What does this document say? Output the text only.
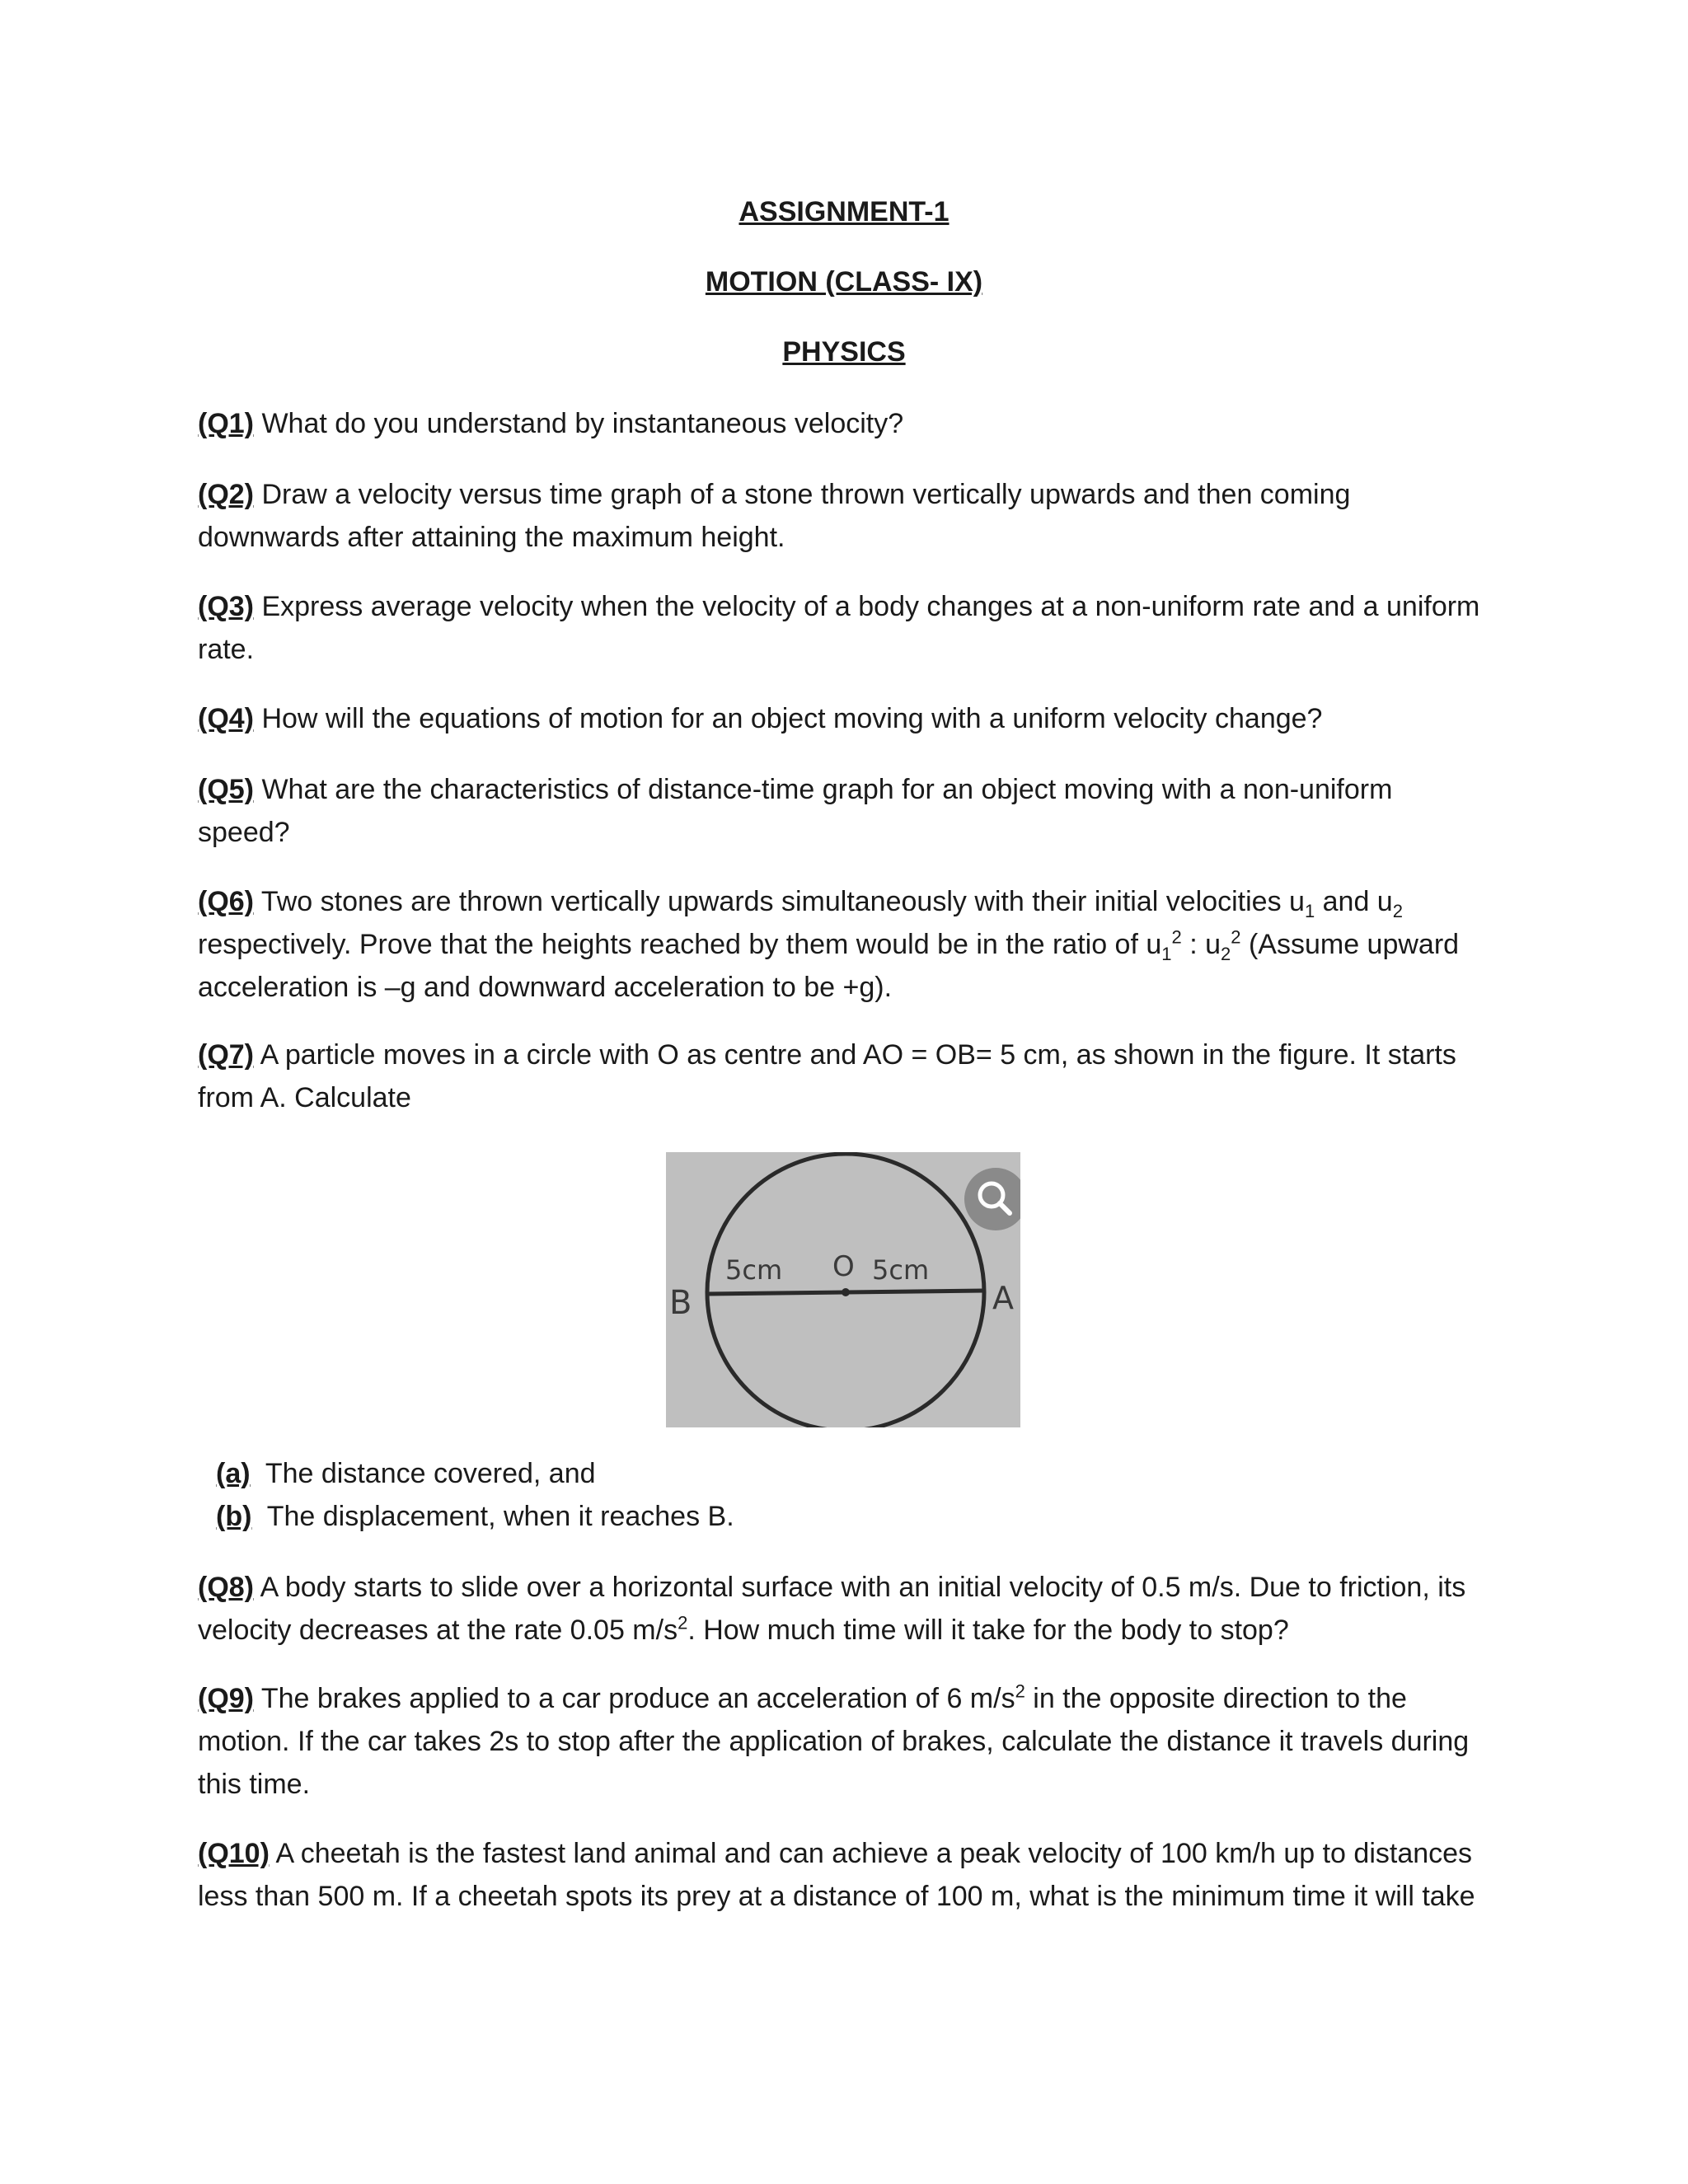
ASSIGNMENT-1
MOTION (CLASS- IX)
PHYSICS
(Q1) What do you understand by instantaneous velocity?
(Q2) Draw a velocity versus time graph of a stone thrown vertically upwards and then coming
downwards after attaining the maximum height.
(Q3) Express average velocity when the velocity of a body changes at a non-uniform rate and a uniform
rate.
(Q4) How will the equations of motion for an object moving with a uniform velocity change?
(Q5) What are the characteristics of distance-time graph for an object moving with a non-uniform
speed?
(Q6) Two stones are thrown vertically upwards simultaneously with their initial velocities $u_1$ and $u_2$
respectively. Prove that the heights reached by them would be in the ratio of $u_1^2$ : $u_2^2$ (Assume upward
acceleration is –g and downward acceleration to be +g).
(Q7) A particle moves in a circle with O as centre and AO = OB= 5 cm, as shown in the figure. It starts
from A. Calculate
B	A
O
5cm	5cm
(a)  The distance covered, and
(b)  The displacement, when it reaches B.
(Q8) A body starts to slide over a horizontal surface with an initial velocity of 0.5 m/s. Due to friction, its
velocity decreases at the rate 0.05 $m/s^2$. How much time will it take for the body to stop?
(Q9) The brakes applied to a car produce an acceleration of 6 $m/s^2$ in the opposite direction to the
motion. If the car takes 2s to stop after the application of brakes, calculate the distance it travels during
this time.
(Q10) A cheetah is the fastest land animal and can achieve a peak velocity of 100 km/h up to distances
less than 500 m. If a cheetah spots its prey at a distance of 100 m, what is the minimum time it will take
